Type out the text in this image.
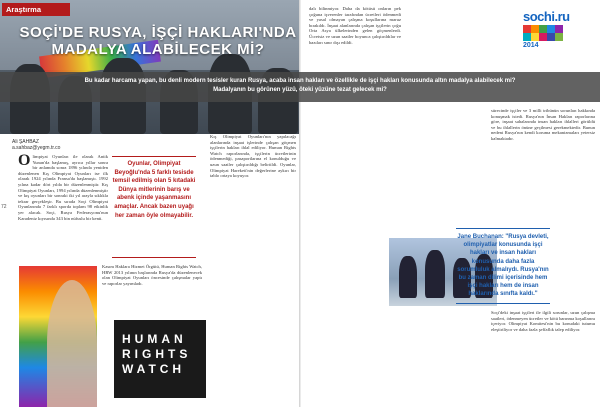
Araştırma
Ali ŞAHBAZ
a.sahbaz@yegm.tr.co
Olimpiyat Oyunları ile olarak Antik Yunan'da başlamış, ayrıca yıllar sonra bir anlamda sonra 1896 yılında yeniden düzenlenen Kış Olimpiyat Oyunları ise ilk olarak 1924 yılında Fransa'da başlamıştı. 1992 yılına kadar dört yılda bir düzenlenmiştir. Kış Olimpiyat Oyunları, 1994 yılında düzenlenmiştir ve kış oyunları bir sonraki iki yıl arayla sıklıkla tekrar gerçekleşir. Bu sırada Soçi Olimpiyat Oyunlarında 7 farklı sporda toplam 98 etkinlik yer alacak. Soçi, Rusya Federasyonu'nun Karadeniz kıyısında 343 bin nüfuslu bir kenti.
Oyunlar, Olimpiyat Beyoğlu'nda 5 farklı tesisde temsil edilmiş olan 5 kıtadaki Dünya mitlerinin barış ve abenk içinde yaşanmasını amaçlar. Ancak bazen uyağı her zaman öyle olmayabilir.
Kasım Haklara Hizmet Örgütü, Human Rights Watch, HRW 2013 yılının başlarında Rusya'da düzenlenecek olan Olimpiyat Oyunları öncesinde çalışmalar yaptı ve raporlar yayımladı.
72
HUMAN RIGHTS WATCH
Kış Olimpiyat Oyunları'nın yapılacağı alanlarında inşaat işlerinde çalışan göçmen işçilerin hakları ihlal ediliyor. Human Rights Watch raporlarında, işçilerin ücretlerinin ödenmediği, pasaportlarına el konulduğu ve uzun saatler çalıştırıldığı belirtildi. Oyunlar, Olimpiyat Hareketi'nin değerlerine aykırı bir tablo ortaya koyuyor.
dalı bilinmiyor. Daha da kötüsü onların pek çoğuna işverenler tarafından ücretleri ödenmedi ve yasal olmayan çalışma koşullarına maruz bırakıldı. İnşaat alanlarında çalışan işçilerin çoğu Orta Asya ülkelerinden gelen göçmenlerdi. Ücretsiz ve uzun saatler boyunca çalıştırıldılar ve bazıları sınır dışı edildi.
sochi.ru
2014
sürecinde işçiler ve 3 milli tribünün sorunları hakkında konuşmak istedi. Rusya'nın İnsan Hakları raporlarına göre, inşaat sahalarında insan hakları ihlalleri görüldü ve bu ihlallerin önüne geçilmesi gerekmektedir. Bunun nedeni Rusya'nın kendi koruma mekanizmaları yetersiz kalmaktadır.
Jane Buchanan: "Rusya devleti, olimpiyatlar konusunda işçi hakları ve insan hakları konusunda daha fazla sorumluluk almalıydı. Rusya'nın bu zaman dilimi içerisinde hem işçi hakları hem de insan haklarında sınıfta kaldı."
Soçi'deki inşaat işçileri ile ilgili sorunlar, uzun çalışma saatleri, ödenmeyen ücretler ve kötü barınma koşullarını içeriyor. Olimpiyat Komitesi'nin bu konudaki tutumu eleştiriliyor ve daha fazla şeffaflık talep ediliyor.
SOÇİ'DE RUSYA, İŞÇİ HAKLARI'NDA
MADALYA ALABİLECEK Mİ?
Bu kadar harcama yapan, bu denli modern tesisler kuran Rusya, acaba insan hakları ve özellikle de işçi hakları konusunda altın madalya alabilecek mi? Madalyanın bu görünen yüzü, öteki yüzüne tezat gelecek mi?
